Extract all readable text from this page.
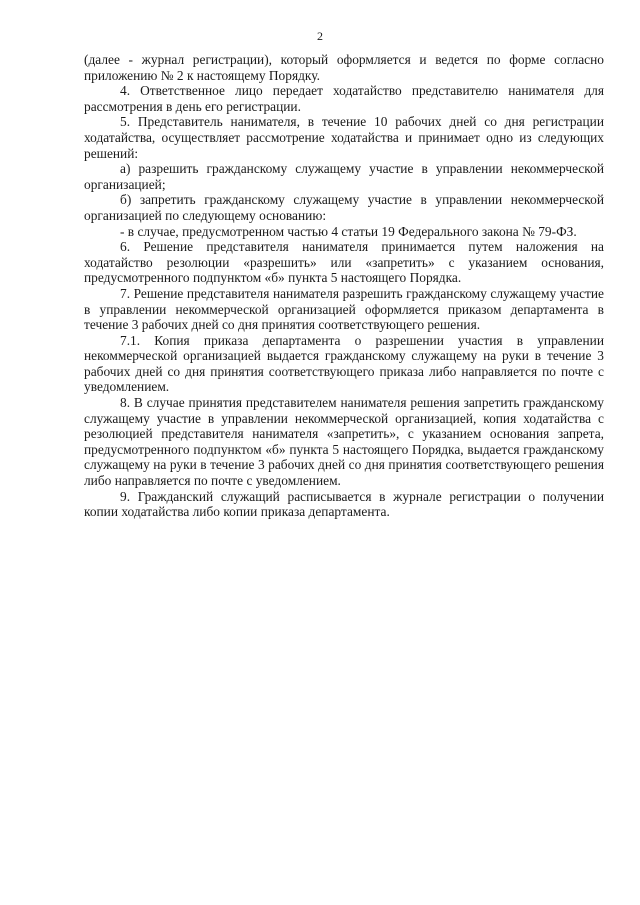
2

(далее - журнал регистрации), который оформляется и ведется по форме согласно приложению № 2 к настоящему Порядку.

4. Ответственное лицо передает ходатайство представителю нанимателя для рассмотрения в день его регистрации.

5. Представитель нанимателя, в течение 10 рабочих дней со дня регистрации ходатайства, осуществляет рассмотрение ходатайства и принимает одно из следующих решений:

а) разрешить гражданскому служащему участие в управлении некоммерческой организацией;

б) запретить гражданскому служащему участие в управлении некоммерческой организацией по следующему основанию:

- в случае, предусмотренном частью 4 статьи 19 Федерального закона № 79-ФЗ.

6. Решение представителя нанимателя принимается путем наложения на ходатайство резолюции «разрешить» или «запретить» с указанием основания, предусмотренного подпунктом «б» пункта 5 настоящего Порядка.

7. Решение представителя нанимателя разрешить гражданскому служащему участие в управлении некоммерческой организацией оформляется приказом департамента в течение 3 рабочих дней со дня принятия соответствующего решения.

7.1. Копия приказа департамента о разрешении участия в управлении некоммерческой организацией выдается гражданскому служащему на руки в течение 3 рабочих дней со дня принятия соответствующего приказа либо направляется по почте с уведомлением.

8. В случае принятия представителем нанимателя решения запретить гражданскому служащему участие в управлении некоммерческой организацией, копия ходатайства с резолюцией представителя нанимателя «запретить», с указанием основания запрета, предусмотренного подпунктом «б» пункта 5 настоящего Порядка, выдается гражданскому служащему на руки в течение 3 рабочих дней со дня принятия соответствующего решения либо направляется по почте с уведомлением.

9. Гражданский служащий расписывается в журнале регистрации о получении копии ходатайства либо копии приказа департамента.
